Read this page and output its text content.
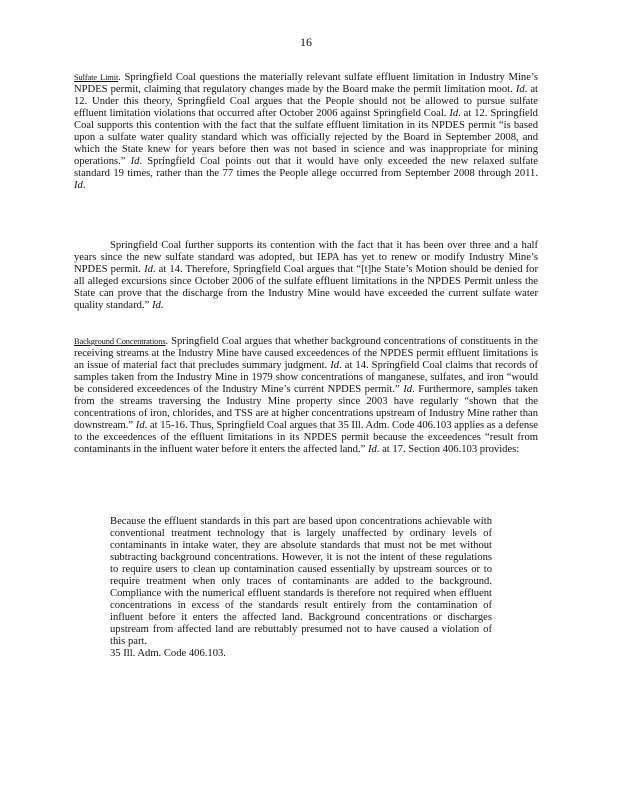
16

Sulfate Limit. Springfield Coal questions the materially relevant sulfate effluent limitation in Industry Mine’s NPDES permit, claiming that regulatory changes made by the Board make the permit limitation moot. Id. at 12. Under this theory, Springfield Coal argues that the People should not be allowed to pursue sulfate effluent limitation violations that occurred after October 2006 against Springfield Coal. Id. at 12. Springfield Coal supports this contention with the fact that the sulfate effluent limitation in its NPDES permit “is based upon a sulfate water quality standard which was officially rejected by the Board in September 2008, and which the State knew for years before then was not based in science and was inappropriate for mining operations.” Id. Springfield Coal points out that it would have only exceeded the new relaxed sulfate standard 19 times, rather than the 77 times the People allege occurred from September 2008 through 2011. Id.

Springfield Coal further supports its contention with the fact that it has been over three and a half years since the new sulfate standard was adopted, but IEPA has yet to renew or modify Industry Mine’s NPDES permit. Id. at 14. Therefore, Springfield Coal argues that “[t]he State’s Motion should be denied for all alleged excursions since October 2006 of the sulfate effluent limitations in the NPDES Permit unless the State can prove that the discharge from the Industry Mine would have exceeded the current sulfate water quality standard.” Id.

Background Concentrations. Springfield Coal argues that whether background concentrations of constituents in the receiving streams at the Industry Mine have caused exceedences of the NPDES permit effluent limitations is an issue of material fact that precludes summary judgment. Id. at 14. Springfield Coal claims that records of samples taken from the Industry Mine in 1979 show concentrations of manganese, sulfates, and iron “would be considered exceedences of the Industry Mine’s current NPDES permit.” Id. Furthermore, samples taken from the streams traversing the Industry Mine property since 2003 have regularly “shown that the concentrations of iron, chlorides, and TSS are at higher concentrations upstream of Industry Mine rather than downstream.” Id. at 15-16. Thus, Springfield Coal argues that 35 Ill. Adm. Code 406.103 applies as a defense to the exceedences of the effluent limitations in its NPDES permit because the exceedences “result from contaminants in the influent water before it enters the affected land.” Id. at 17. Section 406.103 provides:

Because the effluent standards in this part are based upon concentrations achievable with conventional treatment technology that is largely unaffected by ordinary levels of contaminants in intake water, they are absolute standards that must not be met without subtracting background concentrations. However, it is not the intent of these regulations to require users to clean up contamination caused essentially by upstream sources or to require treatment when only traces of contaminants are added to the background. Compliance with the numerical effluent standards is therefore not required when effluent concentrations in excess of the standards result entirely from the contamination of influent before it enters the affected land. Background concentrations or discharges upstream from affected land are rebuttably presumed not to have caused a violation of this part.
35 Ill. Adm. Code 406.103.
